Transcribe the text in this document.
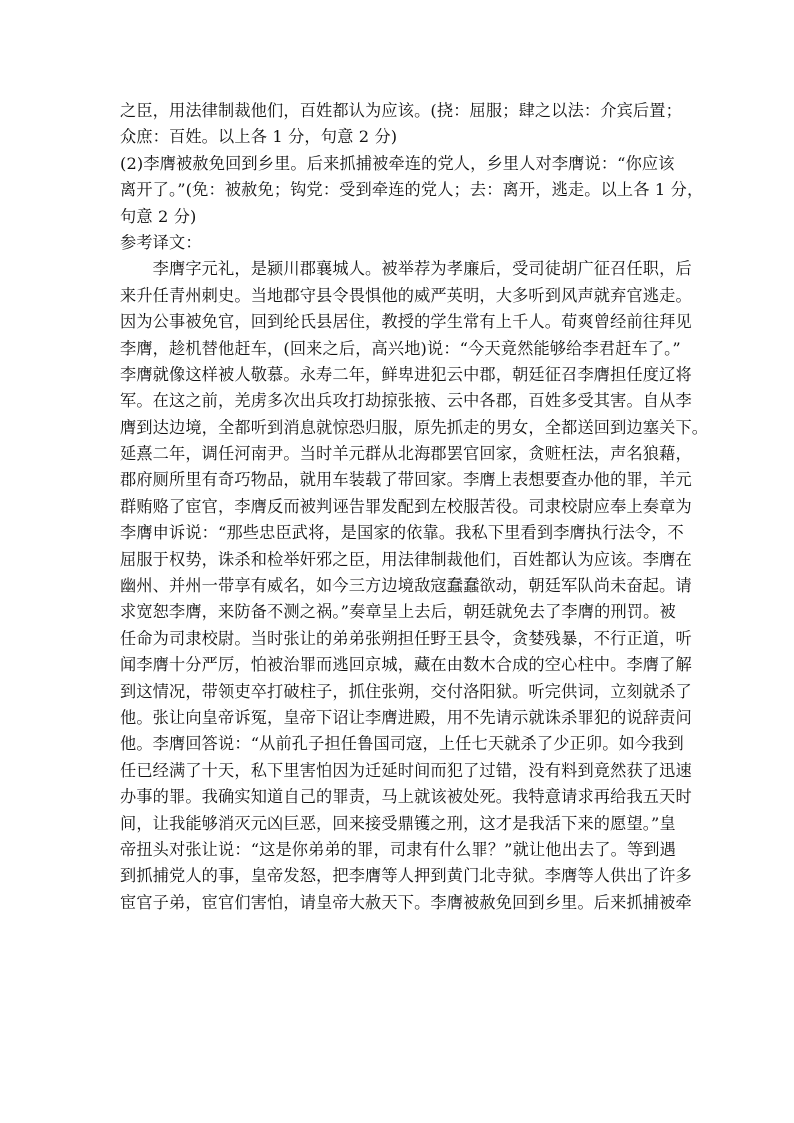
之臣，用法律制裁他们，百姓都认为应该。(挠：屈服；肆之以法：介宾后置；
众庶：百姓。以上各 1 分，句意 2 分)
(2)李膺被赦免回到乡里。后来抓捕被牵连的党人，乡里人对李膺说：“你应该
离开了。”(免：被赦免；钩党：受到牵连的党人；去：离开，逃走。以上各 1 分，
句意 2 分)
参考译文：
　　李膺字元礼，是颍川郡襄城人。被举荐为孝廉后，受司徒胡广征召任职，后
来升任青州刺史。当地郡守县令畏惧他的威严英明，大多听到风声就弃官逃走。
因为公事被免官，回到纶氏县居住，教授的学生常有上千人。荀爽曾经前往拜见
李膺，趁机替他赶车，(回来之后，高兴地)说：“今天竟然能够给李君赶车了。”
李膺就像这样被人敬慕。永寿二年，鲜卑进犯云中郡，朝廷征召李膺担任度辽将
军。在这之前，羌虏多次出兵攻打劫掠张掖、云中各郡，百姓多受其害。自从李
膺到达边境，全都听到消息就惊恐归服，原先抓走的男女，全都送回到边塞关下。
延熹二年，调任河南尹。当时羊元群从北海郡罢官回家，贪赃枉法，声名狼藉，
郡府厕所里有奇巧物品，就用车装载了带回家。李膺上表想要查办他的罪，羊元
群贿赂了宦官，李膺反而被判诬告罪发配到左校服苦役。司隶校尉应奉上奏章为
李膺申诉说：“那些忠臣武将，是国家的依靠。我私下里看到李膺执行法令，不
屈服于权势，诛杀和检举奸邪之臣，用法律制裁他们，百姓都认为应该。李膺在
幽州、并州一带享有威名，如今三方边境敌寇蠢蠢欲动，朝廷军队尚未奋起。请
求宽恕李膺，来防备不测之祸。”奏章呈上去后，朝廷就免去了李膺的刑罚。被
任命为司隶校尉。当时张让的弟弟张朔担任野王县令，贪婪残暴，不行正道，听
闻李膺十分严厉，怕被治罪而逃回京城，藏在由数木合成的空心柱中。李膺了解
到这情况，带领吏卒打破柱子，抓住张朔，交付洛阳狱。听完供词，立刻就杀了
他。张让向皇帝诉冤，皇帝下诏让李膺进殿，用不先请示就诛杀罪犯的说辞责问
他。李膺回答说：“从前孔子担任鲁国司寇，上任七天就杀了少正卯。如今我到
任已经满了十天，私下里害怕因为迁延时间而犯了过错，没有料到竟然获了迅速
办事的罪。我确实知道自己的罪责，马上就该被处死。我特意请求再给我五天时
间，让我能够消灭元凶巨恶，回来接受鼎镬之刑，这才是我活下来的愿望。”皇
帝扭头对张让说：“这是你弟弟的罪，司隶有什么罪？”就让他出去了。等到遇
到抓捕党人的事，皇帝发怒，把李膺等人押到黄门北寺狱。李膺等人供出了许多
宦官子弟，宦官们害怕，请皇帝大赦天下。李膺被赦免回到乡里。后来抓捕被牵
